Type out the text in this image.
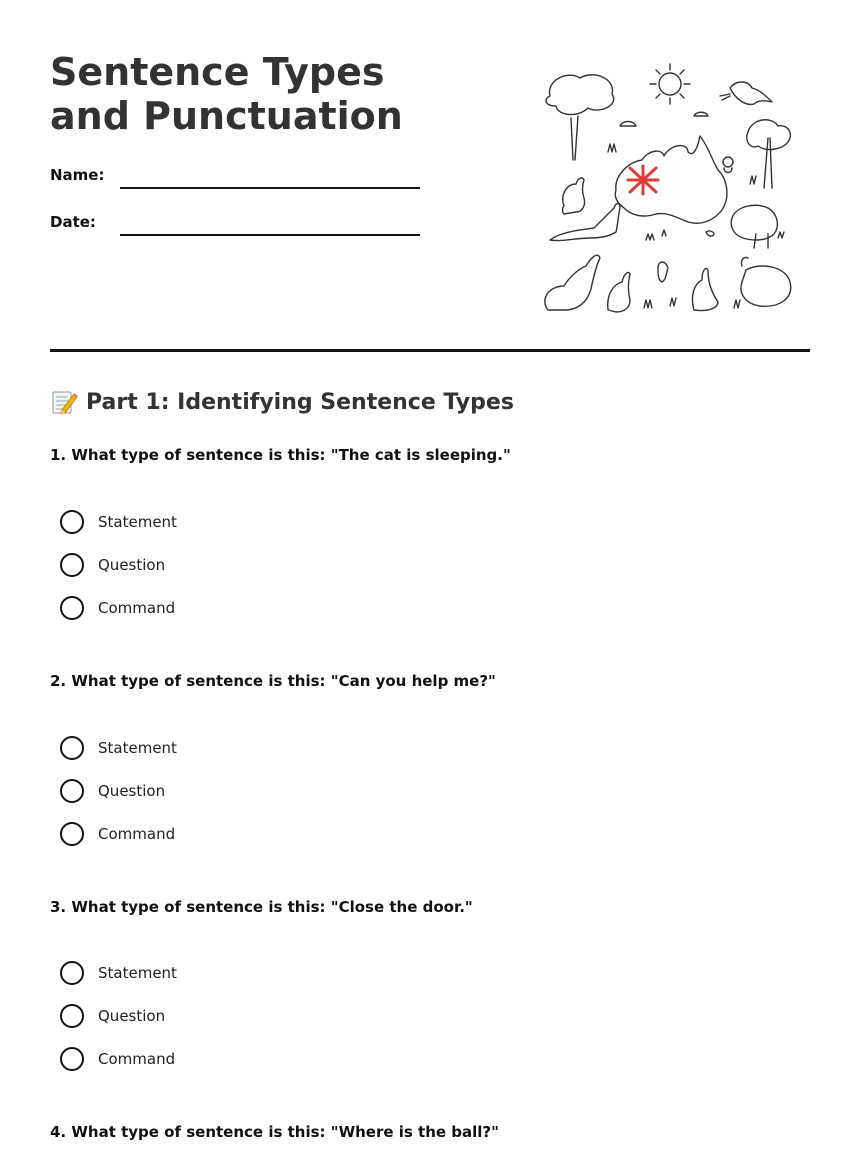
Sentence Types and Punctuation
Name:
Date:
Part 1: Identifying Sentence Types

1. What type of sentence is this: "The cat is sleeping."

Statement
Question
Command

2. What type of sentence is this: "Can you help me?"

Statement
Question
Command

3. What type of sentence is this: "Close the door."

Statement
Question
Command

4. What type of sentence is this: "Where is the ball?"
